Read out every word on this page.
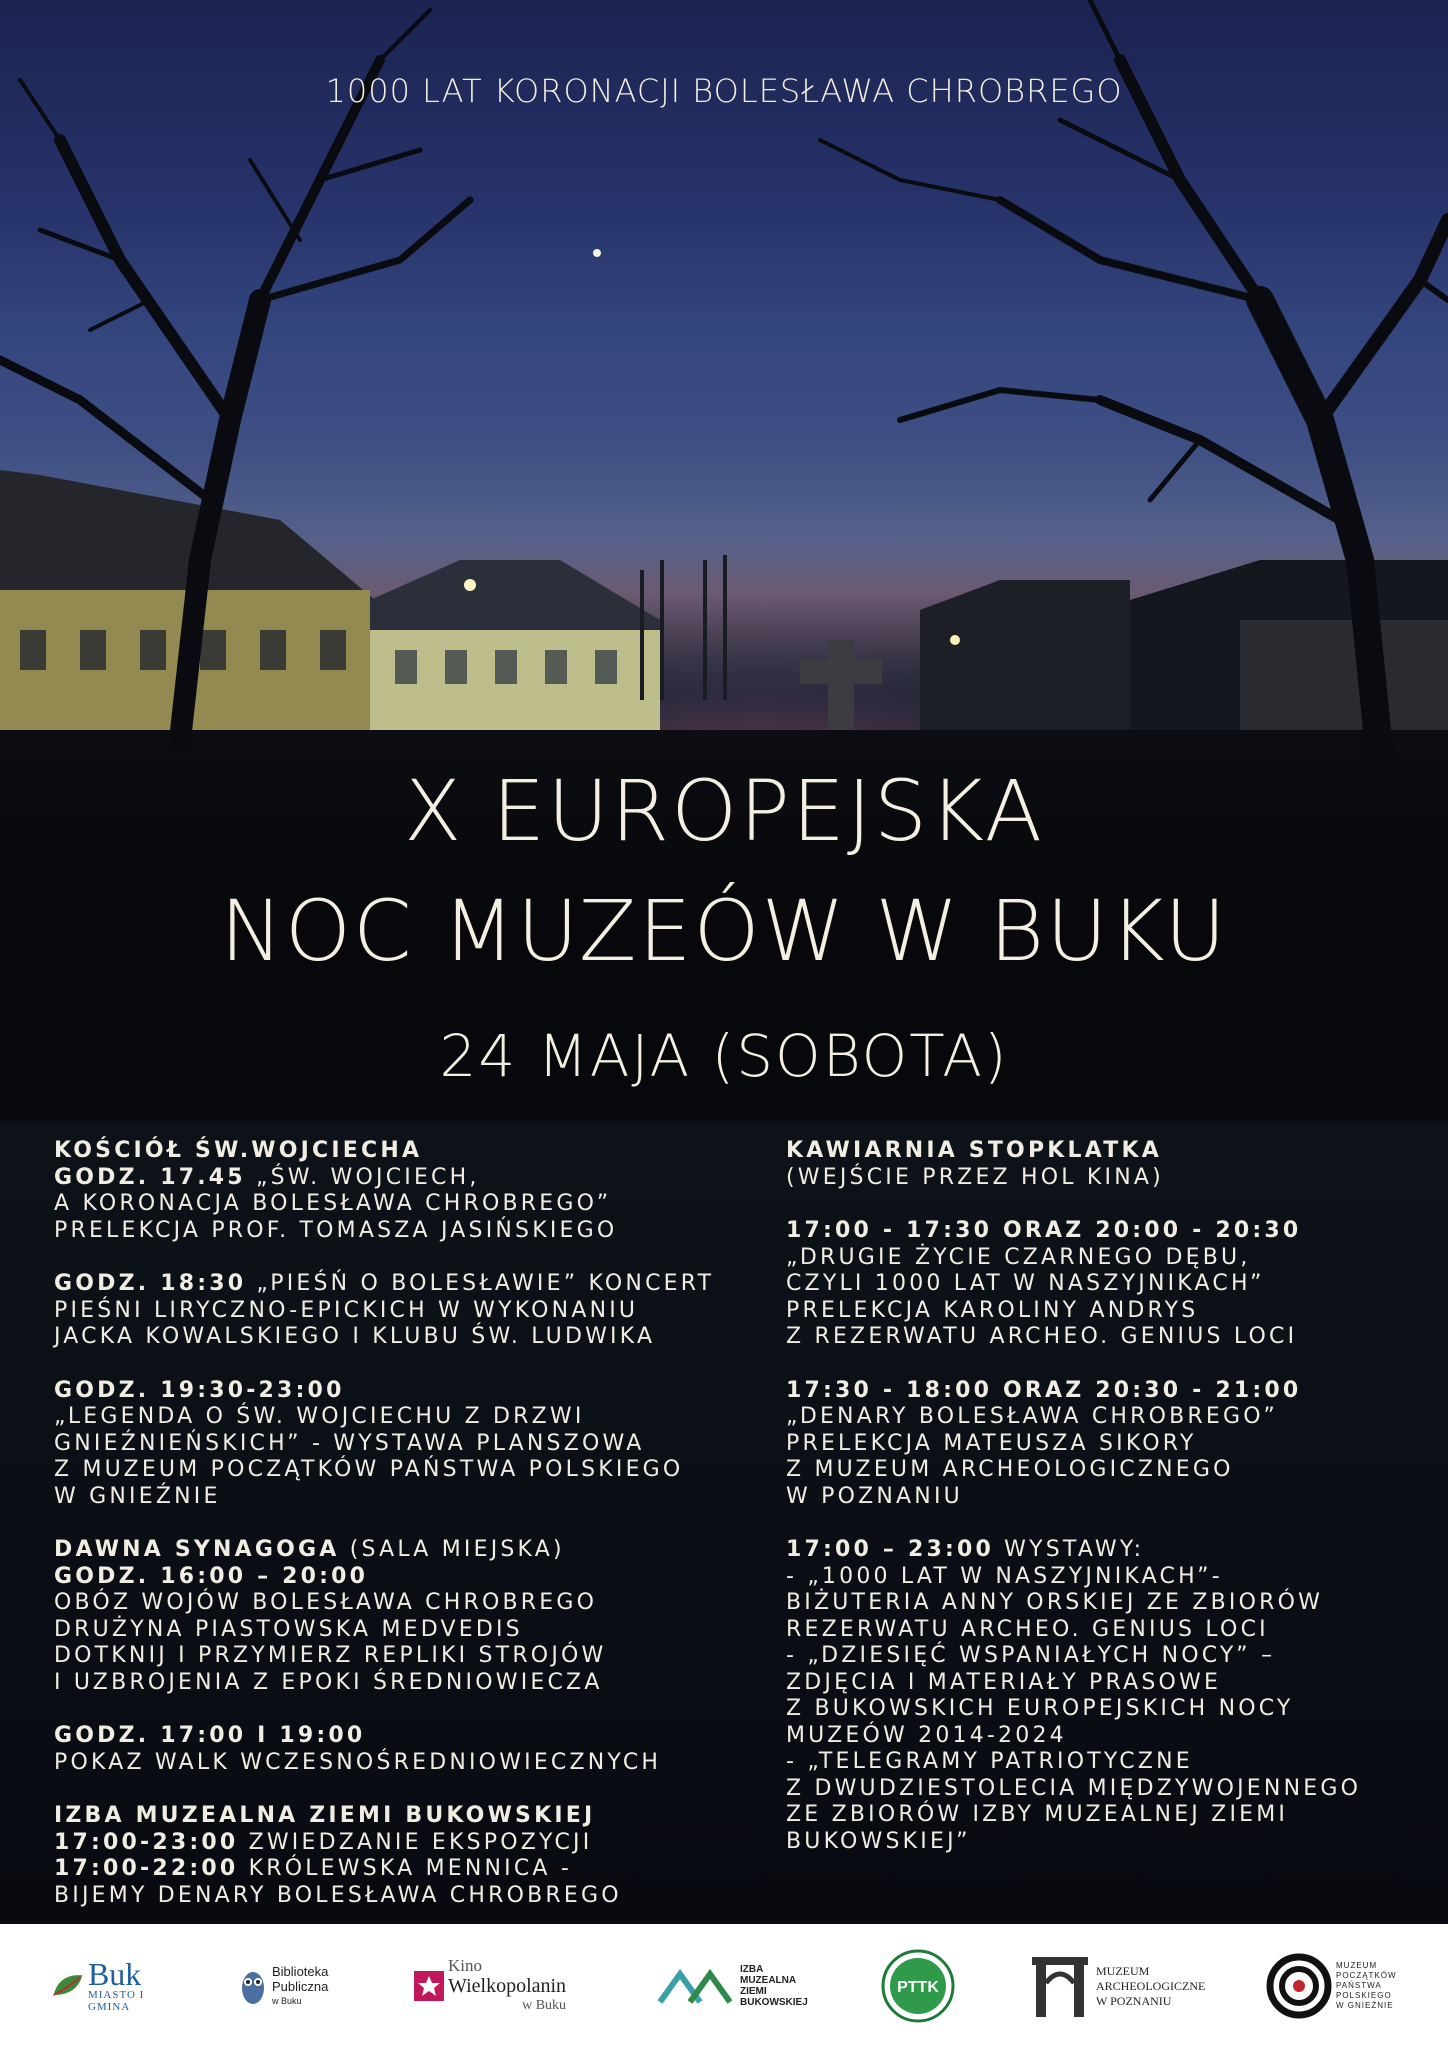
1000 LAT KORONACJI BOLESŁAWA CHROBREGO
X EUROPEJSKA
NOC MUZEÓW W BUKU
24 MAJA (SOBOTA)
KOŚCIÓŁ ŚW.WOJCIECHA
GODZ. 17.45 „ŚW. WOJCIECH,
A KORONACJA BOLESŁAWA CHROBREGO”
PRELEKCJA PROF. TOMASZA JASIŃSKIEGO
GODZ. 18:30 „PIEŚŃ O BOLESŁAWIE” KONCERT
PIEŚNI LIRYCZNO-EPICKICH W WYKONANIU
JACKA KOWALSKIEGO I KLUBU ŚW. LUDWIKA
GODZ. 19:30-23:00
„LEGENDA O ŚW. WOJCIECHU Z DRZWI
GNIEŹNIEŃSKICH” - WYSTAWA PLANSZOWA
Z MUZEUM POCZĄTKÓW PAŃSTWA POLSKIEGO
W GNIEŹNIE
DAWNA SYNAGOGA (SALA MIEJSKA)
GODZ. 16:00 – 20:00
OBÓZ WOJÓW BOLESŁAWA CHROBREGO
DRUŻYNA PIASTOWSKA MEDVEDIS
DOTKNIJ I PRZYMIERZ REPLIKI STROJÓW
I UZBROJENIA Z EPOKI ŚREDNIOWIECZA
GODZ. 17:00 I 19:00
POKAZ WALK WCZESNOŚREDNIOWIECZNYCH
IZBA MUZEALNA ZIEMI BUKOWSKIEJ
17:00-23:00 ZWIEDZANIE EKSPOZYCJI
17:00-22:00 KRÓLEWSKA MENNICA -
BIJEMY DENARY BOLESŁAWA CHROBREGO
KAWIARNIA STOPKLATKA
(WEJŚCIE PRZEZ HOL KINA)
17:00 - 17:30 ORAZ 20:00 - 20:30
„DRUGIE ŻYCIE CZARNEGO DĘBU,
CZYLI 1000 LAT W NASZYJNIKACH”
PRELEKCJA KAROLINY ANDRYS
Z REZERWATU ARCHEO. GENIUS LOCI
17:30 - 18:00 ORAZ 20:30 - 21:00
„DENARY BOLESŁAWA CHROBREGO”
PRELEKCJA MATEUSZA SIKORY
Z MUZEUM ARCHEOLOGICZNEGO
W POZNANIU
17:00 – 23:00 WYSTAWY:
- „1000 LAT W NASZYJNIKACH”-
BIŻUTERIA ANNY ORSKIEJ ZE ZBIORÓW
REZERWATU ARCHEO. GENIUS LOCI
- „DZIESIĘĆ WSPANIAŁYCH NOCY” –
ZDJĘCIA I MATERIAŁY PRASOWE
Z BUKOWSKICH EUROPEJSKICH NOCY
MUZEÓW 2014-2024
- „TELEGRAMY PATRIOTYCZNE
Z DWUDZIESTOLECIA MIĘDZYWOJENNEGO
ZE ZBIORÓW IZBY MUZEALNEJ ZIEMI
BUKOWSKIEJ”
Buk
MIASTO I GMINA
Biblioteka
Publiczna
w Buku
Kino
Wielkopolanin
w Buku
IZBA
MUZEALNA
ZIEMI
BUKOWSKIEJ
PTTK
MUZEUM
ARCHEOLOGICZNE
W POZNANIU
MUZEUM
POCZĄTKÓW
PAŃSTWA
POLSKIEGO
W GNIEŹNIE
